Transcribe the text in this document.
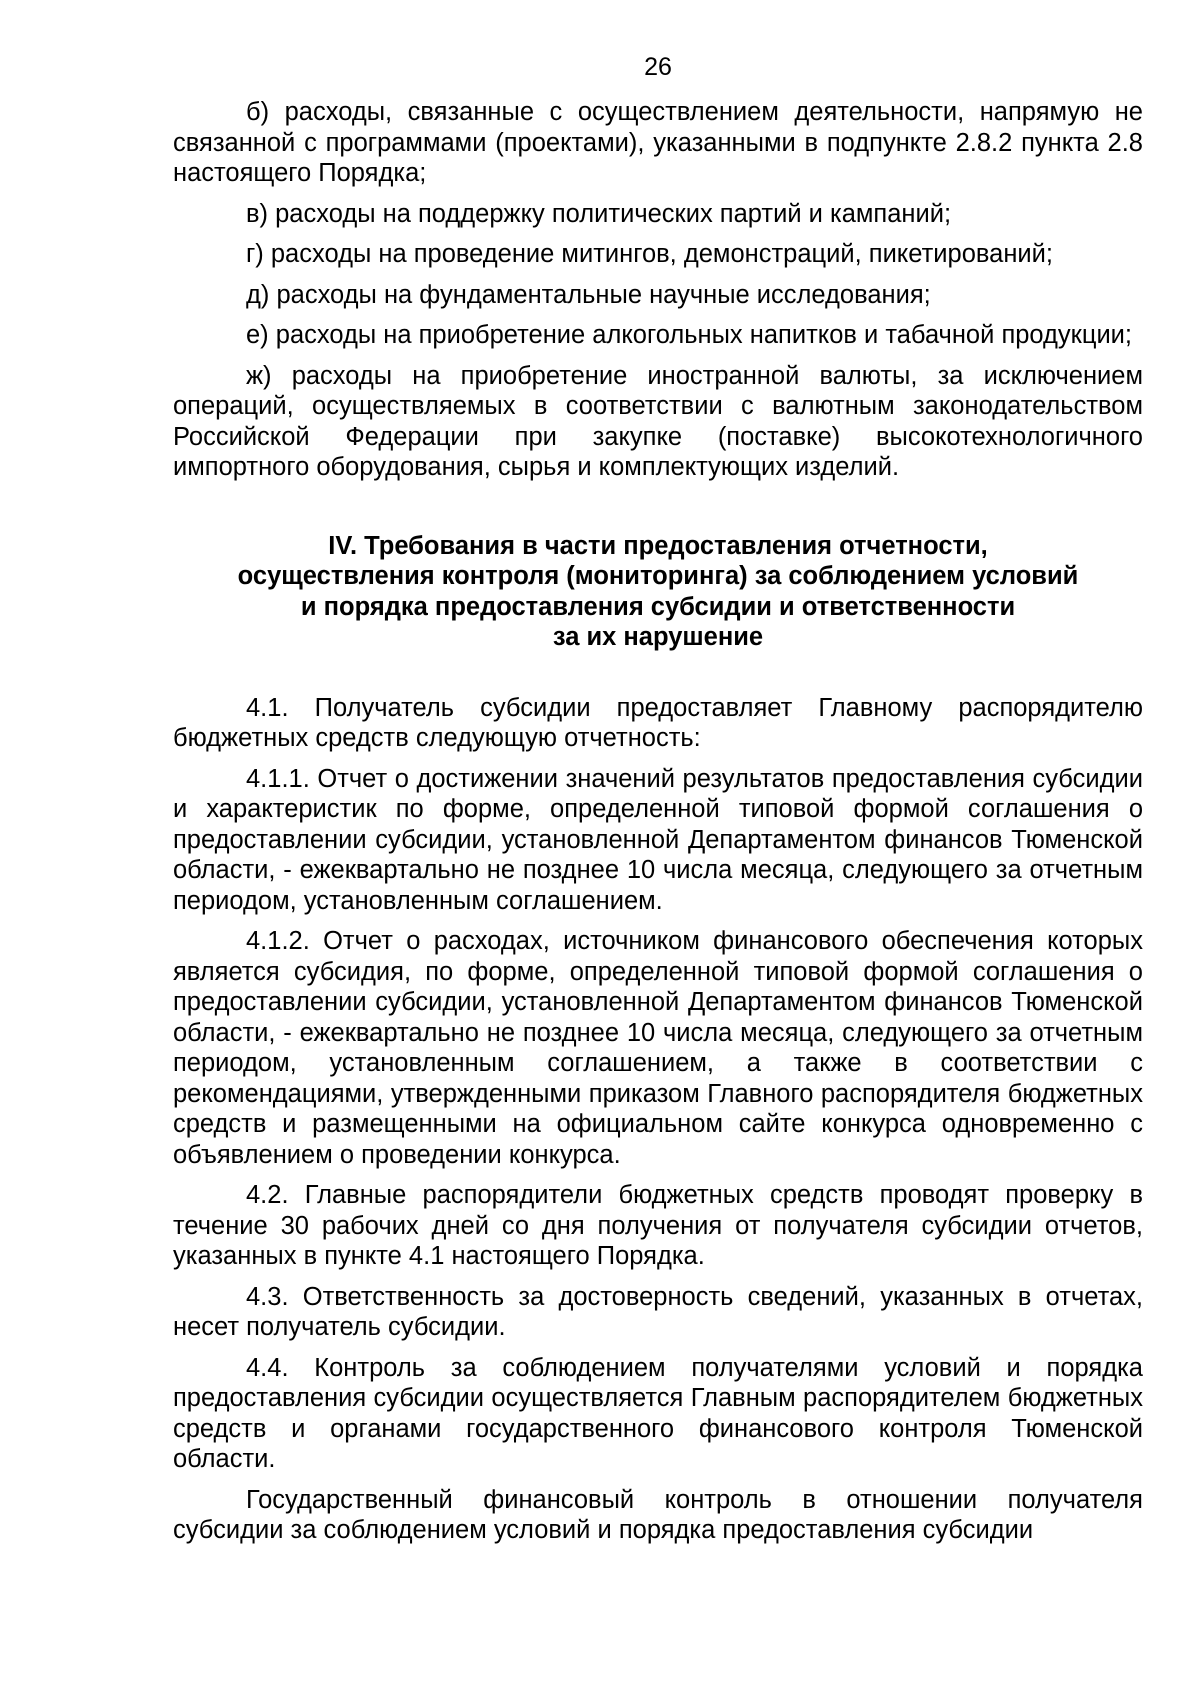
26

б) расходы, связанные с осуществлением деятельности, напрямую не связанной с программами (проектами), указанными в подпункте 2.8.2 пункта 2.8 настоящего Порядка;

в) расходы на поддержку политических партий и кампаний;

г) расходы на проведение митингов, демонстраций, пикетирований;

д) расходы на фундаментальные научные исследования;

е) расходы на приобретение алкогольных напитков и табачной продукции;

ж) расходы на приобретение иностранной валюты, за исключением операций, осуществляемых в соответствии с валютным законодательством Российской Федерации при закупке (поставке) высокотехнологичного импортного оборудования, сырья и комплектующих изделий.

IV. Требования в части предоставления отчетности,
осуществления контроля (мониторинга) за соблюдением условий
и порядка предоставления субсидии и ответственности
за их нарушение

4.1. Получатель субсидии предоставляет Главному распорядителю бюджетных средств следующую отчетность:

4.1.1. Отчет о достижении значений результатов предоставления субсидии и характеристик по форме, определенной типовой формой соглашения о предоставлении субсидии, установленной Департаментом финансов Тюменской области, - ежеквартально не позднее 10 числа месяца, следующего за отчетным периодом, установленным соглашением.

4.1.2. Отчет о расходах, источником финансового обеспечения которых является субсидия, по форме, определенной типовой формой соглашения о предоставлении субсидии, установленной Департаментом финансов Тюменской области, - ежеквартально не позднее 10 числа месяца, следующего за отчетным периодом, установленным соглашением, а также в соответствии с рекомендациями, утвержденными приказом Главного распорядителя бюджетных средств и размещенными на официальном сайте конкурса одновременно с объявлением о проведении конкурса.

4.2. Главные распорядители бюджетных средств проводят проверку в течение 30 рабочих дней со дня получения от получателя субсидии отчетов, указанных в пункте 4.1 настоящего Порядка.

4.3. Ответственность за достоверность сведений, указанных в отчетах, несет получатель субсидии.

4.4. Контроль за соблюдением получателями условий и порядка предоставления субсидии осуществляется Главным распорядителем бюджетных средств и органами государственного финансового контроля Тюменской области.

Государственный финансовый контроль в отношении получателя субсидии за соблюдением условий и порядка предоставления субсидии
